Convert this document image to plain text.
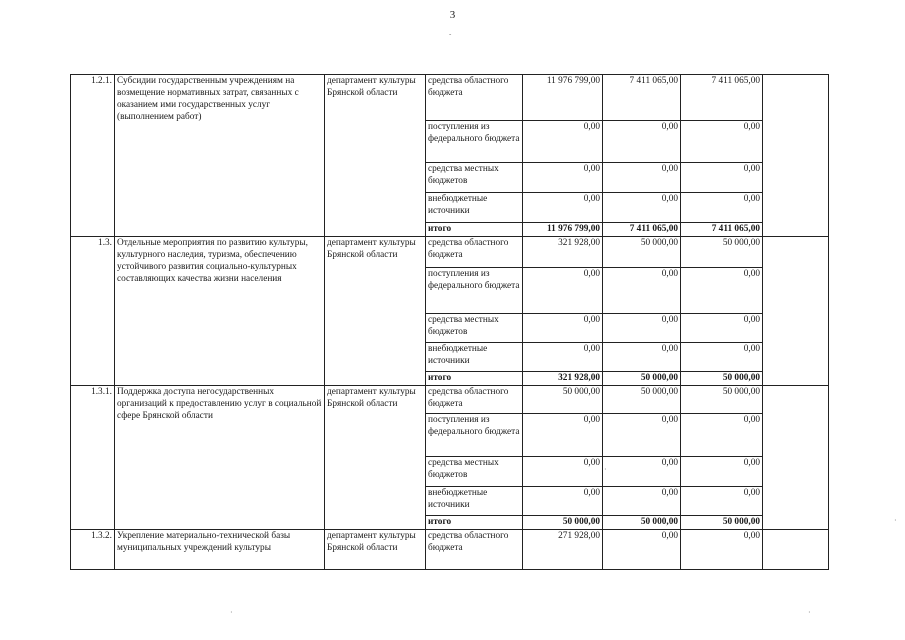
3
-
·
·
·	·
1.2.1.	Субсидии государственным учреждениям на возмещение нормативных затрат, связанных с оказанием ими государственных услуг (выполнением работ)	департамент культуры Брянской области	средства областного бюджета	11 976 799,00	7 411 065,00	7 411 065,00	
			поступления из федерального бюджета	0,00	0,00	0,00	
			средства местных бюджетов	0,00	0,00	0,00	
			внебюджетные источники	0,00	0,00	0,00	
			итого	11 976 799,00	7 411 065,00	7 411 065,00	
1.3.	Отдельные мероприятия по развитию культуры, культурного наследия, туризма, обеспечению устойчивого развития социально-культурных составляющих качества жизни населения	департамент культуры Брянской области	средства областного бюджета	321 928,00	50 000,00	50 000,00	
			поступления из федерального бюджета	0,00	0,00	0,00	
			средства местных бюджетов	0,00	0,00	0,00	
			внебюджетные источники	0,00	0,00	0,00	
			итого	321 928,00	50 000,00	50 000,00	
1.3.1.	Поддержка доступа негосударственных организаций к предоставлению услуг в социальной сфере Брянской области	департамент культуры Брянской области	средства областного бюджета	50 000,00	50 000,00	50 000,00	
			поступления из федерального бюджета	0,00	0,00	0,00	
			средства местных бюджетов	0,00	0,00	0,00	
			внебюджетные источники	0,00	0,00	0,00	
			итого	50 000,00	50 000,00	50 000,00	
1.3.2.	Укрепление материально-технической базы муниципальных учреждений культуры	департамент культуры Брянской области	средства областного бюджета	271 928,00	0,00	0,00	
